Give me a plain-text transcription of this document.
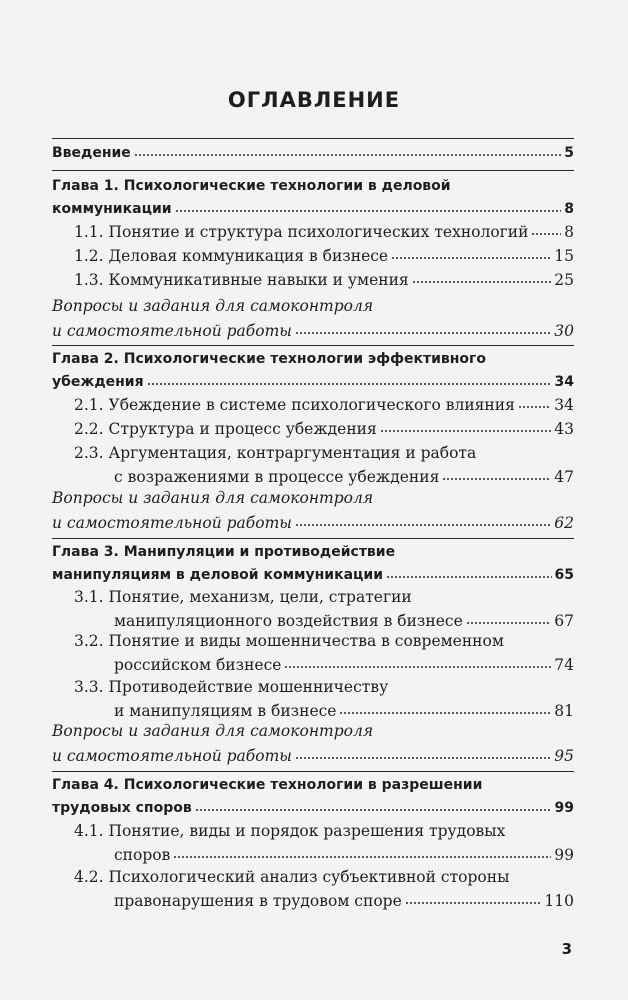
ОГЛАВЛЕНИЕ
Введение	5
Глава 1. Психологические технологии в деловой
коммуникации	8
1.1. Понятие и структура психологических технологий 8
1.2. Деловая коммуникация в бизнесе	15
1.3. Коммуникативные навыки и умения	25
Вопросы и задания для самоконтроля
и самостоятельной работы	30
Глава 2. Психологические технологии эффективного
убеждения	34
2.1. Убеждение в системе психологического влияния	34
2.2. Структура и процесс убеждения	43
2.3. Аргументация, контраргументация и работа
с возражениями в процессе убеждения	47
Вопросы и задания для самоконтроля
и самостоятельной работы	62
Глава 3. Манипуляции и противодействие
манипуляциям в деловой коммуникации	65
3.1. Понятие, механизм, цели, стратегии
манипуляционного воздействия в бизнесе	67
3.2. Понятие и виды мошенничества в современном
российском бизнесе	74
3.3. Противодействие мошенничеству
и манипуляциям в бизнесе	81
Вопросы и задания для самоконтроля
и самостоятельной работы	95
Глава 4. Психологические технологии в разрешении
трудовых споров	99
4.1. Понятие, виды и порядок разрешения трудовых
споров	99
4.2. Психологический анализ субъективной стороны
правонарушения в трудовом споре	110
3
